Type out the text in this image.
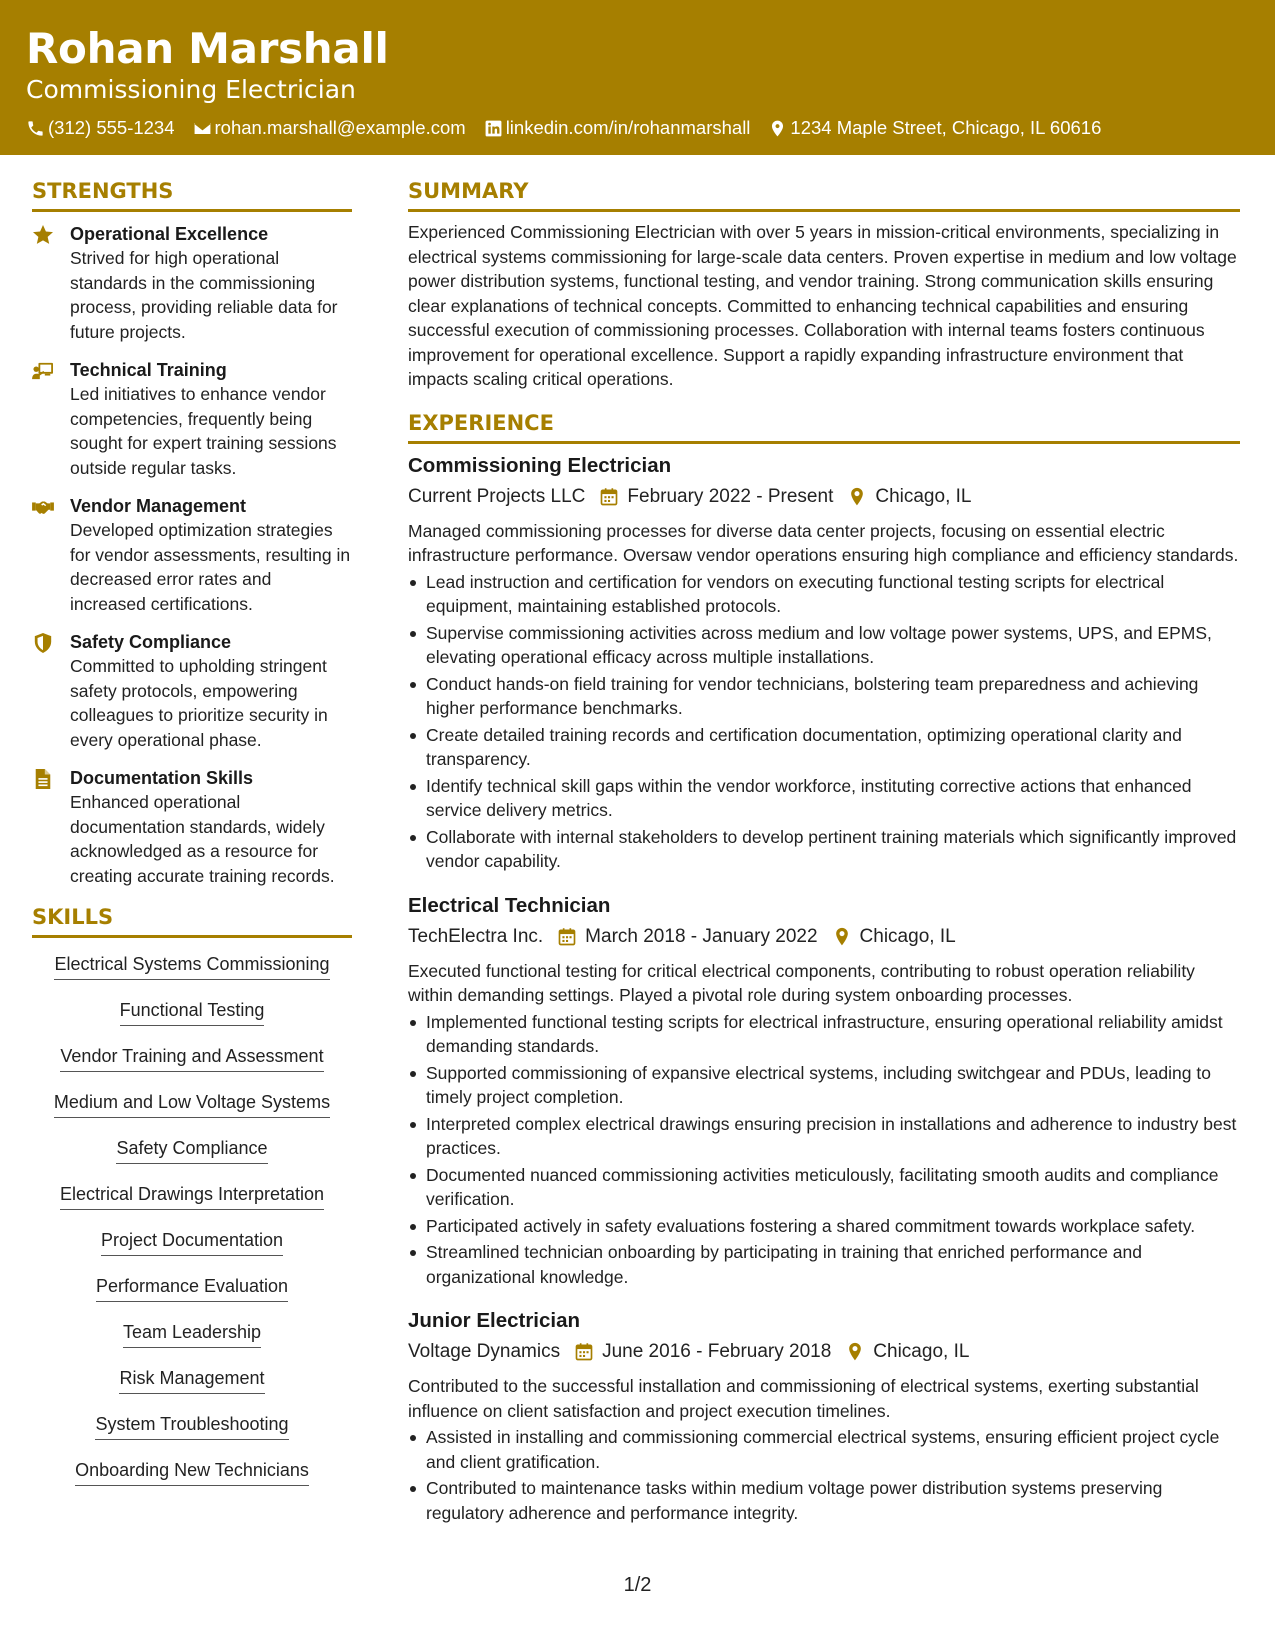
Rohan Marshall
Commissioning Electrician
(312) 555-1234 rohan.marshall@example.com linkedin.com/in/rohanmarshall 1234 Maple Street, Chicago, IL 60616
STRENGTHS
Operational Excellence
Strived for high operational standards in the commissioning process, providing reliable data for future projects.
Technical Training
Led initiatives to enhance vendor competencies, frequently being sought for expert training sessions outside regular tasks.
Vendor Management
Developed optimization strategies for vendor assessments, resulting in decreased error rates and increased certifications.
Safety Compliance
Committed to upholding stringent safety protocols, empowering colleagues to prioritize security in every operational phase.
Documentation Skills
Enhanced operational documentation standards, widely acknowledged as a resource for creating accurate training records.
SKILLS
Electrical Systems Commissioning
Functional Testing
Vendor Training and Assessment
Medium and Low Voltage Systems
Safety Compliance
Electrical Drawings Interpretation
Project Documentation
Performance Evaluation
Team Leadership
Risk Management
System Troubleshooting
Onboarding New Technicians
SUMMARY
Experienced Commissioning Electrician with over 5 years in mission-critical environments, specializing in electrical systems commissioning for large-scale data centers. Proven expertise in medium and low voltage power distribution systems, functional testing, and vendor training. Strong communication skills ensuring clear explanations of technical concepts. Committed to enhancing technical capabilities and ensuring successful execution of commissioning processes. Collaboration with internal teams fosters continuous improvement for operational excellence. Support a rapidly expanding infrastructure environment that impacts scaling critical operations.
EXPERIENCE
Commissioning Electrician
Current Projects LLC February 2022 - Present Chicago, IL
Managed commissioning processes for diverse data center projects, focusing on essential electric infrastructure performance. Oversaw vendor operations ensuring high compliance and efficiency standards.
Lead instruction and certification for vendors on executing functional testing scripts for electrical equipment, maintaining established protocols.
Supervise commissioning activities across medium and low voltage power systems, UPS, and EPMS, elevating operational efficacy across multiple installations.
Conduct hands-on field training for vendor technicians, bolstering team preparedness and achieving higher performance benchmarks.
Create detailed training records and certification documentation, optimizing operational clarity and transparency.
Identify technical skill gaps within the vendor workforce, instituting corrective actions that enhanced service delivery metrics.
Collaborate with internal stakeholders to develop pertinent training materials which significantly improved vendor capability.
Electrical Technician
TechElectra Inc. March 2018 - January 2022 Chicago, IL
Executed functional testing for critical electrical components, contributing to robust operation reliability within demanding settings. Played a pivotal role during system onboarding processes.
Implemented functional testing scripts for electrical infrastructure, ensuring operational reliability amidst demanding standards.
Supported commissioning of expansive electrical systems, including switchgear and PDUs, leading to timely project completion.
Interpreted complex electrical drawings ensuring precision in installations and adherence to industry best practices.
Documented nuanced commissioning activities meticulously, facilitating smooth audits and compliance verification.
Participated actively in safety evaluations fostering a shared commitment towards workplace safety.
Streamlined technician onboarding by participating in training that enriched performance and organizational knowledge.
Junior Electrician
Voltage Dynamics June 2016 - February 2018 Chicago, IL
Contributed to the successful installation and commissioning of electrical systems, exerting substantial influence on client satisfaction and project execution timelines.
Assisted in installing and commissioning commercial electrical systems, ensuring efficient project cycle and client gratification.
Contributed to maintenance tasks within medium voltage power distribution systems preserving regulatory adherence and performance integrity.
1/2
